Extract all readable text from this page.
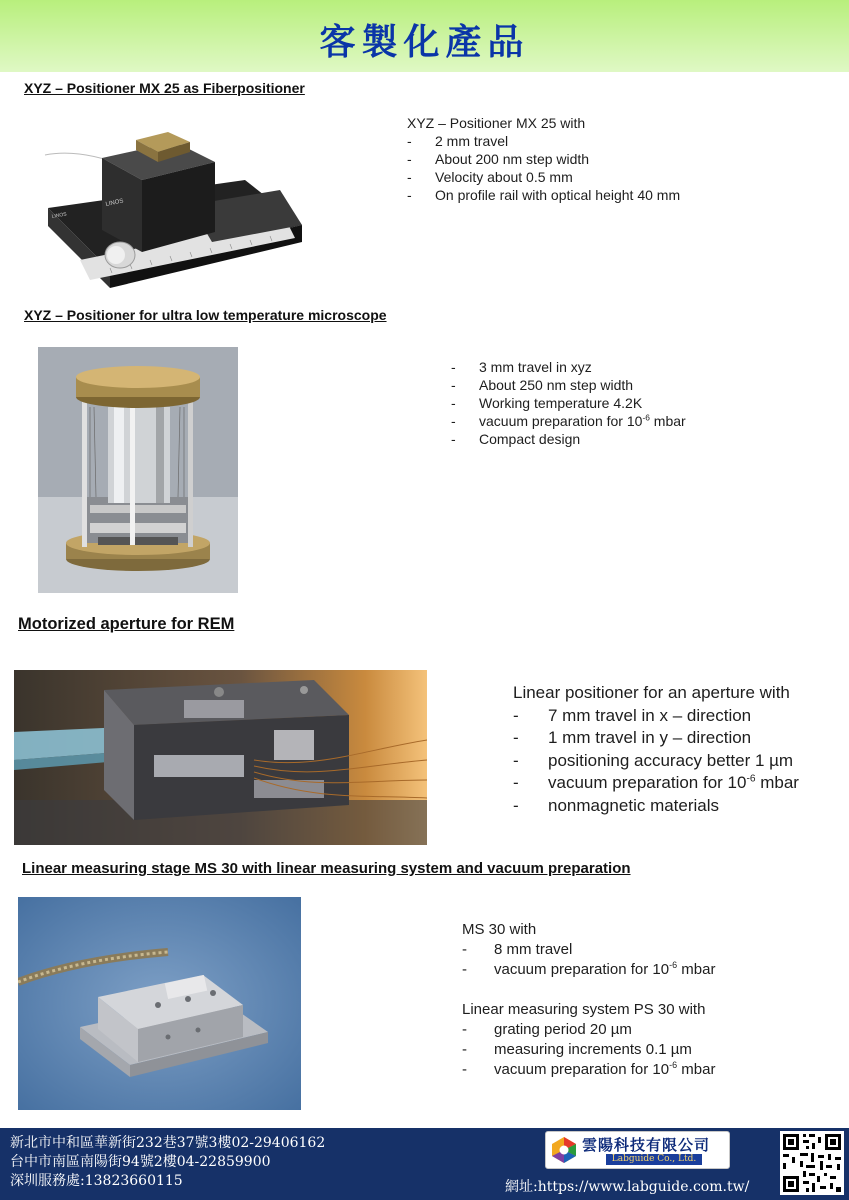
客製化產品
XYZ – Positioner MX 25 as Fiberpositioner
LINOS
LINOS
XYZ – Positioner MX 25 with
- 2 mm travel
- About 200 nm step width
- Velocity about 0.5 mm
- On profile rail with optical height 40 mm
XYZ – Positioner for ultra low temperature microscope
- 3 mm travel in xyz
- About 250 nm step width
- Working temperature 4.2K
- vacuum preparation for $10^{-6}$ mbar
- Compact design
Motorized aperture for REM
Linear positioner for an aperture with
- 7 mm travel in x – direction
- 1 mm travel in y – direction
- positioning accuracy better 1 µm
- vacuum preparation for $10^{-6}$ mbar
- nonmagnetic materials
Linear measuring stage MS 30 with linear measuring system and vacuum preparation
MS 30 with
- 8 mm travel
- vacuum preparation for $10^{-6}$ mbar
Linear measuring system PS 30 with
- grating period 20 µm
- measuring increments 0.1 µm
- vacuum preparation for $10^{-6}$ mbar
新北市中和區華新街232巷37號3樓02-29406162
台中市南區南陽街94號2樓04-22859900
深圳服務處:13823660115
雲陽科技有限公司
Labguide Co., Ltd.
網址:https://www.labguide.com.tw/
